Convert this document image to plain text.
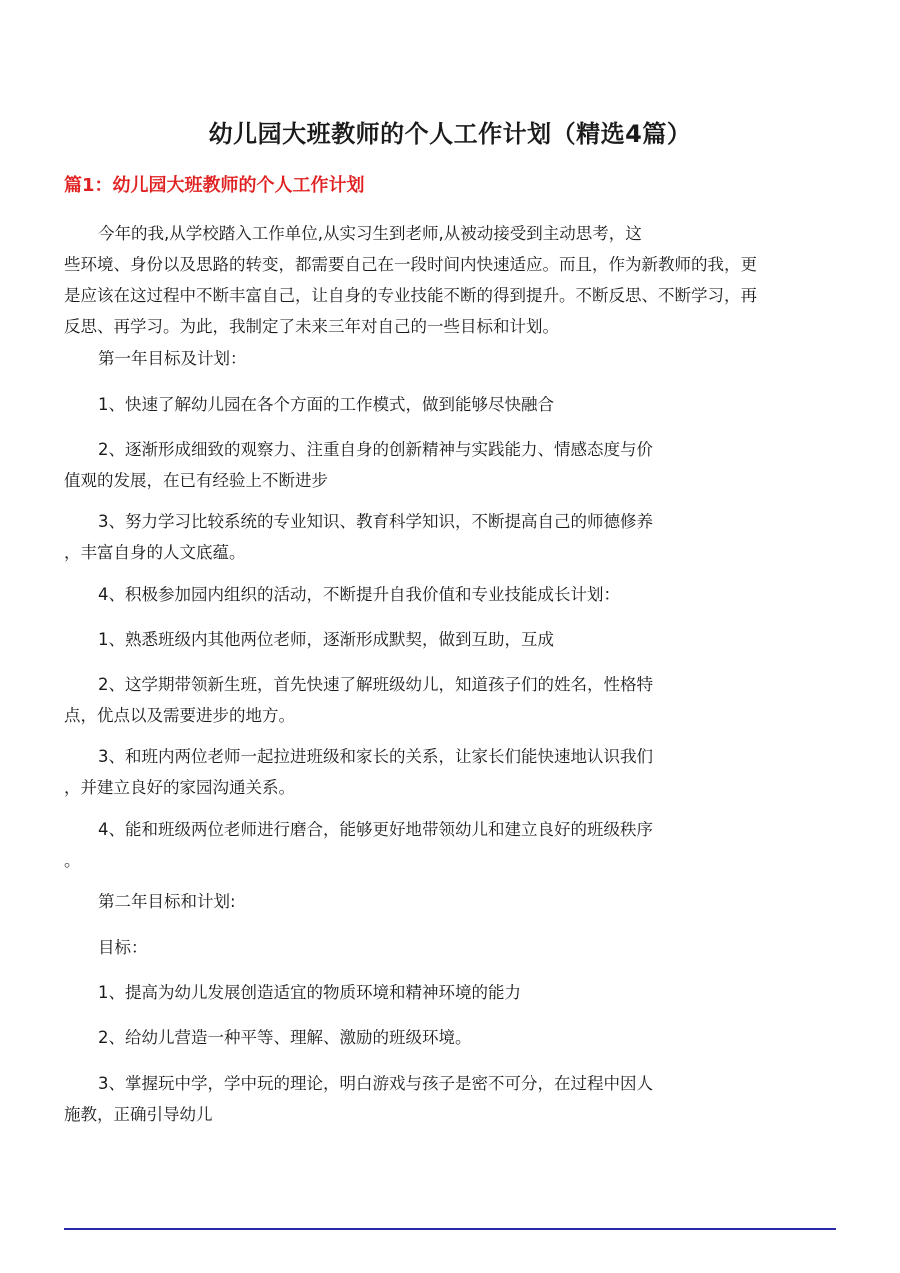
幼儿园大班教师的个人工作计划（精选4篇）
篇1：幼儿园大班教师的个人工作计划

今年的我,从学校踏入工作单位,从实习生到老师,从被动接受到主动思考，这
些环境、身份以及思路的转变，都需要自己在一段时间内快速适应。而且，作为新教师的我，更
是应该在这过程中不断丰富自己，让自身的专业技能不断的得到提升。不断反思、不断学习，再
反思、再学习。为此，我制定了未来三年对自己的一些目标和计划。

第一年目标及计划：

1、快速了解幼儿园在各个方面的工作模式，做到能够尽快融合

2、逐渐形成细致的观察力、注重自身的创新精神与实践能力、情感态度与价
值观的发展，在已有经验上不断进步

3、努力学习比较系统的专业知识、教育科学知识，不断提高自己的师德修养
，丰富自身的人文底蕴。

4、积极参加园内组织的活动，不断提升自我价值和专业技能成长计划：

1、熟悉班级内其他两位老师，逐渐形成默契，做到互助，互成

2、这学期带领新生班，首先快速了解班级幼儿，知道孩子们的姓名，性格特
点，优点以及需要进步的地方。

3、和班内两位老师一起拉进班级和家长的关系，让家长们能快速地认识我们
，并建立良好的家园沟通关系。

4、能和班级两位老师进行磨合，能够更好地带领幼儿和建立良好的班级秩序
。

第二年目标和计划:

目标：

1、提高为幼儿发展创造适宜的物质环境和精神环境的能力

2、给幼儿营造一种平等、理解、激励的班级环境。

3、掌握玩中学，学中玩的理论，明白游戏与孩子是密不可分，在过程中因人
施教，正确引导幼儿
